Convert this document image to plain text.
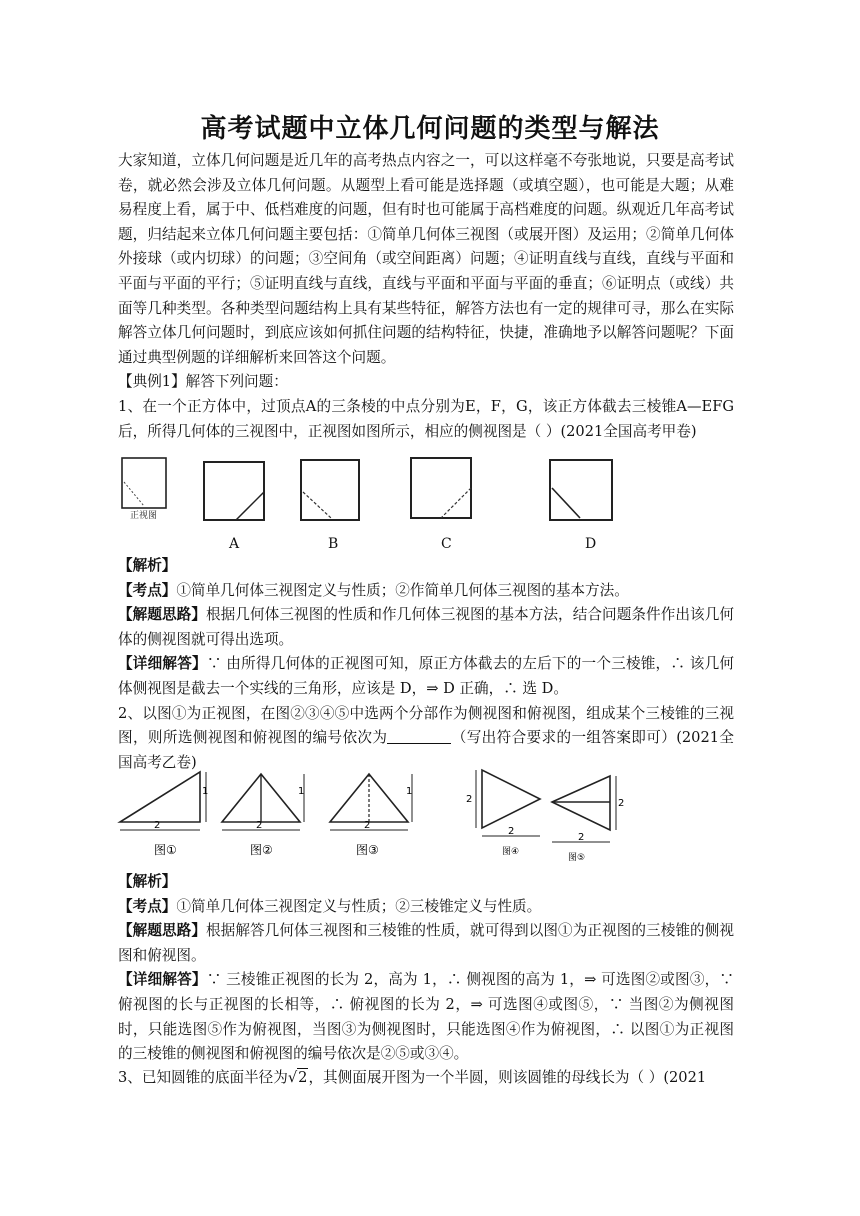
高考试题中立体几何问题的类型与解法

大家知道，立体几何问题是近几年的高考热点内容之一，可以这样毫不夸张地说，只要是高考试卷，就必然会涉及立体几何问题。从题型上看可能是选择题（或填空题），也可能是大题；从难易程度上看，属于中、低档难度的问题，但有时也可能属于高档难度的问题。纵观近几年高考试题，归结起来立体几何问题主要包括：①简单几何体三视图（或展开图）及运用；②简单几何体外接球（或内切球）的问题；③空间角（或空间距离）问题；④证明直线与直线，直线与平面和平面与平面的平行；⑤证明直线与直线，直线与平面和平面与平面的垂直；⑥证明点（或线）共面等几种类型。各种类型问题结构上具有某些特征，解答方法也有一定的规律可寻，那么在实际解答立体几何问题时，到底应该如何抓住问题的结构特征，快捷，准确地予以解答问题呢？下面通过典型例题的详细解析来回答这个问题。

【典例1】解答下列问题：

1、在一个正方体中，过顶点A的三条棱的中点分别为E，F，G，该正方体截去三棱锥A—EFG后，所得几何体的三视图中，正视图如图所示，相应的侧视图是（ ）(2021全国高考甲卷)

正视图
A	B	C	D

【解析】

【考点】①简单几何体三视图定义与性质；②作简单几何体三视图的基本方法。

【解题思路】根据几何体三视图的性质和作几何体三视图的基本方法，结合问题条件作出该几何体的侧视图就可得出选项。

【详细解答】∵ 由所得几何体的正视图可知，原正方体截去的左后下的一个三棱锥，∴ 该几何体侧视图是截去一个实线的三角形，应该是 D，⇒ D 正确，∴ 选 D。

2、以图①为正视图，在图②③④⑤中选两个分部作为侧视图和俯视图，组成某个三棱锥的三视图，则所选侧视图和俯视图的编号依次为	（写出符合要求的一组答案即可）(2021全国高考乙卷)

1
2
图①
1
2
图②
1
2
图③
2
2
图④
2
2
图⑤

【解析】

【考点】①简单几何体三视图定义与性质；②三棱锥定义与性质。

【解题思路】根据解答几何体三视图和三棱锥的性质，就可得到以图①为正视图的三棱锥的侧视图和俯视图。

【详细解答】∵ 三棱锥正视图的长为 2，高为 1，∴ 侧视图的高为 1，⇒ 可选图②或图③，∵ 俯视图的长与正视图的长相等，∴ 俯视图的长为 2，⇒ 可选图④或图⑤，∵ 当图②为侧视图时，只能选图⑤作为俯视图，当图③为侧视图时，只能选图④作为俯视图，∴ 以图①为正视图的三棱锥的侧视图和俯视图的编号依次是②⑤或③④。

3、已知圆锥的底面半径为√2，其侧面展开图为一个半圆，则该圆锥的母线长为（ ）(2021
